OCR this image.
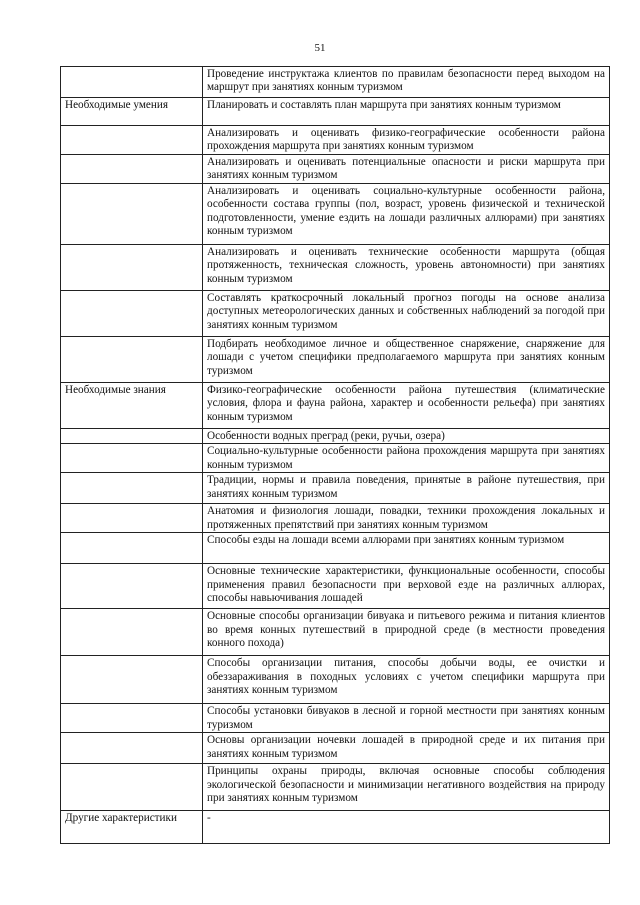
51
	Проведение инструктажа клиентов по правилам безопасности перед выходом на маршрут при занятиях конным туризмом
Необходимые умения	Планировать и составлять план маршрута при занятиях конным туризмом
	Анализировать и оценивать физико-географические особенности района прохождения маршрута при занятиях конным туризмом
	Анализировать и оценивать потенциальные опасности и риски маршрута при занятиях конным туризмом
	Анализировать и оценивать социально-культурные особенности района, особенности состава группы (пол, возраст, уровень физической и технической подготовленности, умение ездить на лошади различных аллюрами) при занятиях конным туризмом
	Анализировать и оценивать технические особенности маршрута (общая протяженность, техническая сложность, уровень автономности) при занятиях конным туризмом
	Составлять краткосрочный локальный прогноз погоды на основе анализа доступных метеорологических данных и собственных наблюдений за погодой при занятиях конным туризмом
	Подбирать необходимое личное и общественное снаряжение, снаряжение для лошади с учетом специфики предполагаемого маршрута при занятиях конным туризмом
Необходимые знания	Физико-географические особенности района путешествия (климатические условия, флора и фауна района, характер и особенности рельефа) при занятиях конным туризмом
	Особенности водных преград (реки, ручьи, озера)
	Социально-культурные особенности района прохождения маршрута при занятиях конным туризмом
	Традиции, нормы и правила поведения, принятые в районе путешествия, при занятиях конным туризмом
	Анатомия и физиология лошади, повадки, техники прохождения локальных и протяженных препятствий при занятиях конным туризмом
	Способы езды на лошади всеми аллюрами при занятиях конным туризмом
	Основные технические характеристики, функциональные особенности, способы применения правил безопасности при верховой езде на различных аллюрах, способы навьючивания лошадей
	Основные способы организации бивуака и питьевого режима и питания клиентов во время конных путешествий в природной среде (в местности проведения конного похода)
	Способы организации питания, способы добычи воды, ее очистки и обеззараживания в походных условиях с учетом специфики маршрута при занятиях конным туризмом
	Способы установки бивуаков в лесной и горной местности при занятиях конным туризмом
	Основы организации ночевки лошадей в природной среде и их питания при занятиях конным туризмом
	Принципы охраны природы, включая основные способы соблюдения экологической безопасности и минимизации негативного воздействия на природу при занятиях конным туризмом
Другие характеристики	-
